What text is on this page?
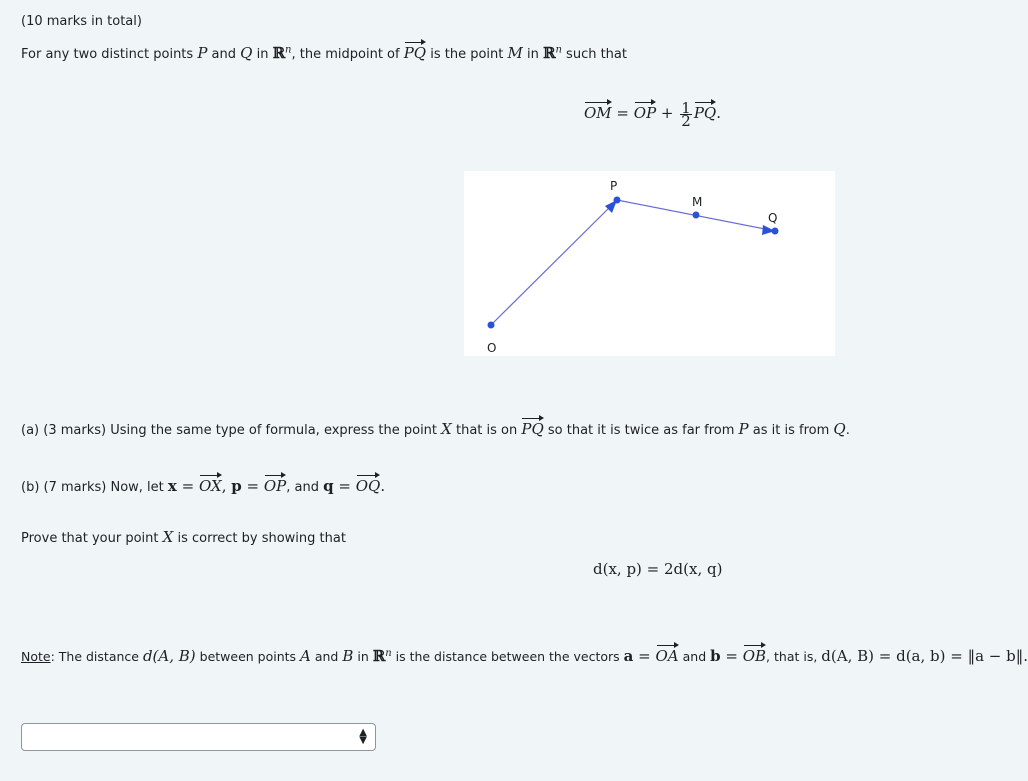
(10 marks in total)
For any two distinct points P and Q in ℝ$^n$, the midpoint of PQ is the point M in ℝ$^n$ such that
OM = OP + $\frac{1}{2}$ PQ.
P
M
Q
O
(a) (3 marks) Using the same type of formula, express the point X that is on PQ so that it is twice as far from P as it is from Q.
(b) (7 marks) Now, let x = OX, p = OP, and q = OQ.
Prove that your point X is correct by showing that
d(x, p) = 2d(x, q)
Note: The distance d(A, B) between points A and B in ℝ$^n$ is the distance between the vectors a = OA and b = OB, that is, d(A, B) = d(a, b) = ‖a − b‖.
▲
▼
